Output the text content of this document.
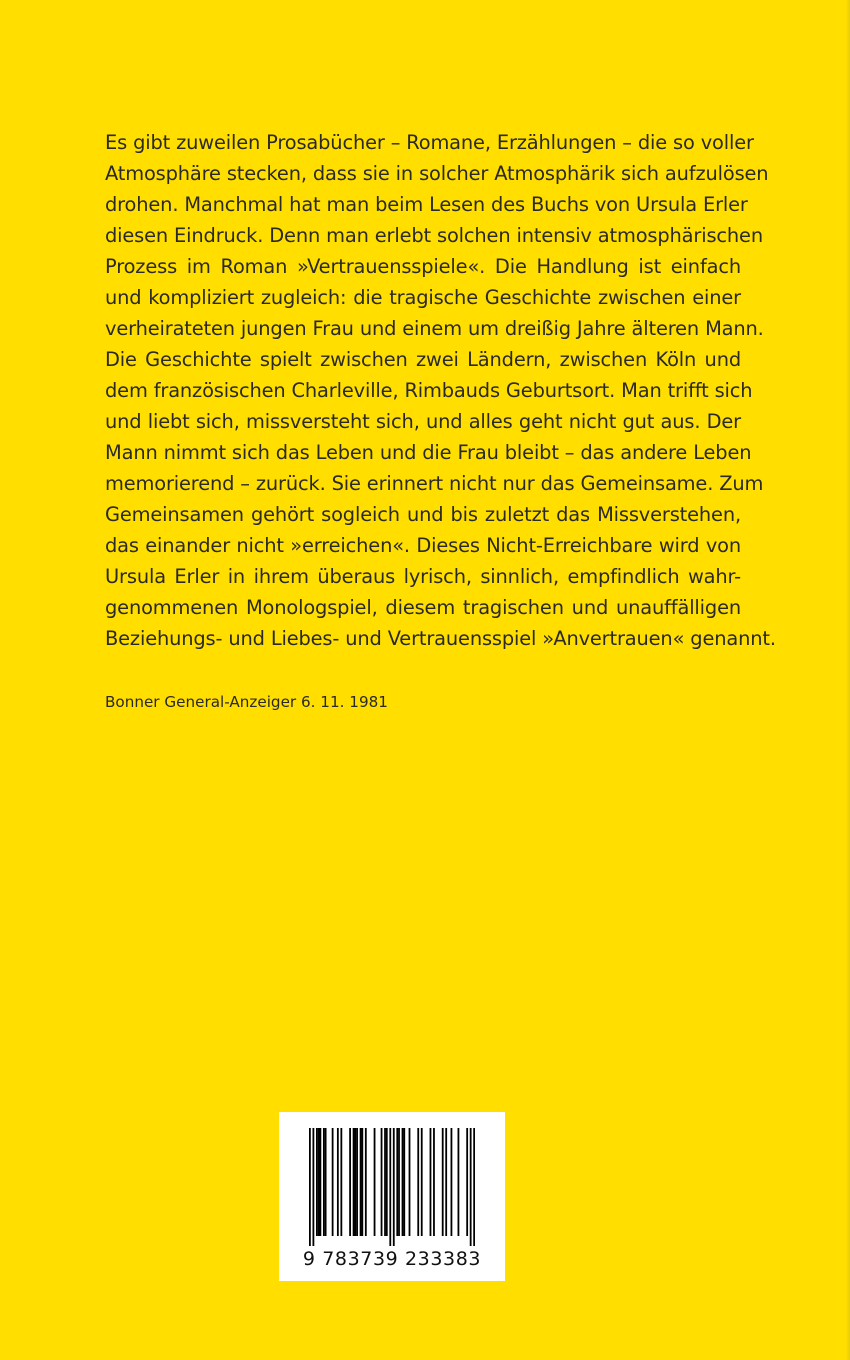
Es gibt zuweilen Prosabücher – Romane, Erzählungen – die so voller
Atmosphäre stecken, dass sie in solcher Atmosphärik sich aufzulösen
drohen. Manchmal hat man beim Lesen des Buchs von Ursula Erler
diesen Eindruck. Denn man erlebt solchen intensiv atmosphärischen
Prozess im Roman »Vertrauensspiele«. Die Handlung ist einfach
und kompliziert zugleich: die tragische Geschichte zwischen einer
verheirateten jungen Frau und einem um dreißig Jahre älteren Mann.
Die Geschichte spielt zwischen zwei Ländern, zwischen Köln und
dem französischen Charleville, Rimbauds Geburtsort. Man trifft sich
und liebt sich, missversteht sich, und alles geht nicht gut aus. Der
Mann nimmt sich das Leben und die Frau bleibt – das andere Leben
memorierend – zurück. Sie erinnert nicht nur das Gemeinsame. Zum
Gemeinsamen gehört sogleich und bis zuletzt das Missverstehen,
das einander nicht »erreichen«. Dieses Nicht-Erreichbare wird von
Ursula Erler in ihrem überaus lyrisch, sinnlich, empfindlich wahr-
genommenen Monologspiel, diesem tragischen und unauffälligen
Beziehungs- und Liebes- und Vertrauensspiel »Anvertrauen« genannt.
Bonner General-Anzeiger 6. 11. 1981
9 783739 233383
